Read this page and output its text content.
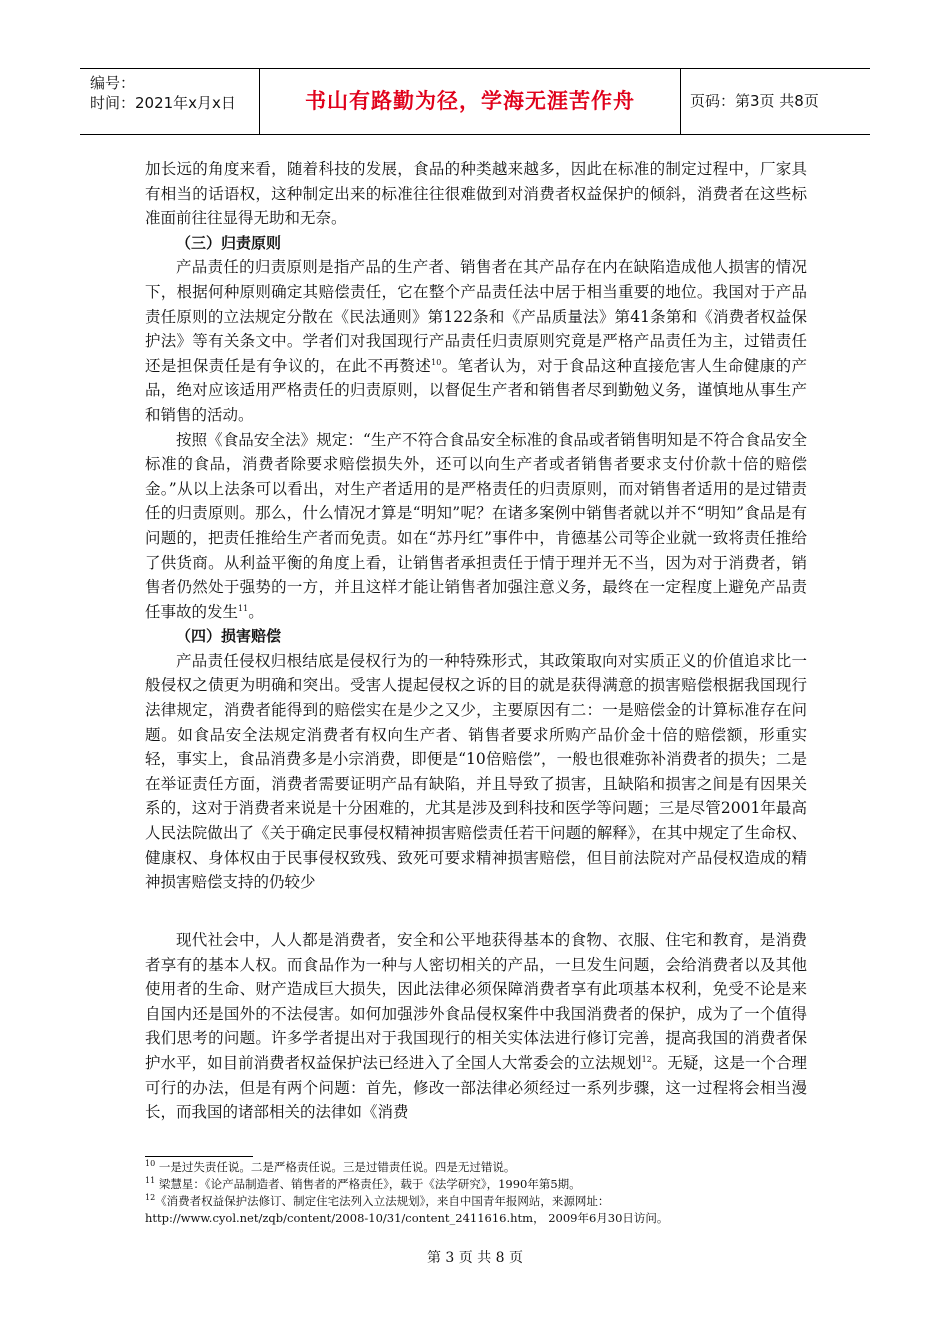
编号：
时间：2021年x月x日	书山有路勤为径，学海无涯苦作舟	页码：第3页 共8页

加长远的角度来看，随着科技的发展，食品的种类越来越多，因此在标准的制定过程中，厂家具有相当的话语权，这种制定出来的标准往往很难做到对消费者权益保护的倾斜，消费者在这些标准面前往往显得无助和无奈。

（三）归责原则

产品责任的归责原则是指产品的生产者、销售者在其产品存在内在缺陷造成他人损害的情况下，根据何种原则确定其赔偿责任，它在整个产品责任法中居于相当重要的地位。我国对于产品责任原则的立法规定分散在《民法通则》第122条和《产品质量法》第41条第和《消费者权益保护法》等有关条文中。学者们对我国现行产品责任归责原则究竟是严格产品责任为主，过错责任还是担保责任是有争议的，在此不再赘述$^{10}$。笔者认为，对于食品这种直接危害人生命健康的产品，绝对应该适用严格责任的归责原则，以督促生产者和销售者尽到勤勉义务，谨慎地从事生产和销售的活动。

按照《食品安全法》规定：“生产不符合食品安全标准的食品或者销售明知是不符合食品安全标准的食品，消费者除要求赔偿损失外，还可以向生产者或者销售者要求支付价款十倍的赔偿金。”从以上法条可以看出，对生产者适用的是严格责任的归责原则，而对销售者适用的是过错责任的归责原则。那么，什么情况才算是“明知”呢？在诸多案例中销售者就以并不“明知”食品是有问题的，把责任推给生产者而免责。如在“苏丹红”事件中，肯德基公司等企业就一致将责任推给了供货商。从利益平衡的角度上看，让销售者承担责任于情于理并无不当，因为对于消费者，销售者仍然处于强势的一方，并且这样才能让销售者加强注意义务，最终在一定程度上避免产品责任事故的发生$^{11}$。

（四）损害赔偿

产品责任侵权归根结底是侵权行为的一种特殊形式，其政策取向对实质正义的价值追求比一般侵权之债更为明确和突出。受害人提起侵权之诉的目的就是获得满意的损害赔偿根据我国现行法律规定，消费者能得到的赔偿实在是少之又少，主要原因有二：一是赔偿金的计算标准存在问题。如食品安全法规定消费者有权向生产者、销售者要求所购产品价金十倍的赔偿额，形重实轻，事实上，食品消费多是小宗消费，即便是“10倍赔偿”，一般也很难弥补消费者的损失；二是在举证责任方面，消费者需要证明产品有缺陷，并且导致了损害，且缺陷和损害之间是有因果关系的，这对于消费者来说是十分困难的，尤其是涉及到科技和医学等问题；三是尽管2001年最高人民法院做出了《关于确定民事侵权精神损害赔偿责任若干问题的解释》，在其中规定了生命权、健康权、身体权由于民事侵权致残、致死可要求精神损害赔偿，但目前法院对产品侵权造成的精神损害赔偿支持的仍较少

现代社会中，人人都是消费者，安全和公平地获得基本的食物、衣服、住宅和教育，是消费者享有的基本人权。而食品作为一种与人密切相关的产品，一旦发生问题，会给消费者以及其他使用者的生命、财产造成巨大损失，因此法律必须保障消费者享有此项基本权利，免受不论是来自国内还是国外的不法侵害。如何加强涉外食品侵权案件中我国消费者的保护，成为了一个值得我们思考的问题。许多学者提出对于我国现行的相关实体法进行修订完善，提高我国的消费者保护水平，如目前消费者权益保护法已经进入了全国人大常委会的立法规划$^{12}$。无疑，这是一个合理可行的办法，但是有两个问题：首先，修改一部法律必须经过一系列步骤，这一过程将会相当漫长，而我国的诸部相关的法律如《消费

$^{10}$ 一是过失责任说。二是严格责任说。三是过错责任说。四是无过错说。
$^{11}$ 梁慧星：《论产品制造者、销售者的严格责任》，载于《法学研究》，1990年第5期。
$^{12}$《消费者权益保护法修订、制定住宅法列入立法规划》，来自中国青年报网站，来源网址：http://www.cyol.net/zqb/content/2008-10/31/content_2411616.htm， 2009年6月30日访问。
第 3 页 共 8 页
